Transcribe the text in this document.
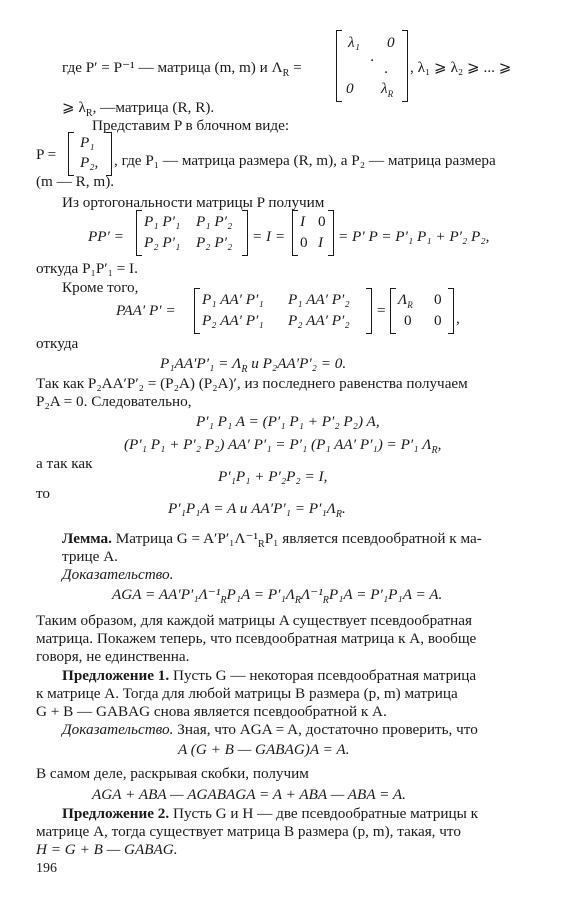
где P′ = P⁻¹ — матрица (m, m) и $\Lambda_R$ =
λ₁ 0
·
·
0 $\lambda_R$
, λ₁ ⩾ λ₂ ⩾ ... ⩾
⩾ $\lambda_R$, —матрица (R, R).
Представим P в блочном виде:
P =
P₁
P₂, , где P₁ — матрица размера (R, m), а P₂ — матрица размера
(m — R, m).
Из ортогональности матрицы P получим
PP′ =
P₁ P′₁ P₁ P′₂
P₂ P′₁ P₂ P′₂ = I =
I 0
0 I = P′ P = P′₁ P₁ + P′₂ P₂,
откуда P₁P′₁ = I.
Кроме того,
PAA′ P′ =
P₁ AA′ P′₁ P₁ AA′ P′₂
P₂ AA′ P′₁ P₂ AA′ P′₂
=
$\Lambda_R$ 0
0 0 ,
откуда
$P_1AA'P'_1 = \Lambda_R$ и P₂AA′P′₂ = 0.
Так как P₂AA′P′₂ = (P₂A) (P₂A)′, из последнего равенства получаем
P₂A = 0. Следовательно,
P′₁ P₁ A = (P′₁ P₁ + P′₂ P₂) A,
(P′₁ P₁ + P′₂ P₂) AA′ P′₁ = P′₁ (P₁ AA′ P′₁) = P′₁ $\Lambda_R$,
а так как
P′₁P₁ + P′₂P₂ = I,
то
P′₁P₁A = A и $AA'P'_1 = P'_1\Lambda_R$.
Лемма. Матрица $G = A'P'_1\Lambda^{-1}_RP_1$ является псевдообратной к ма-
трице A.
Доказательство.
AGA = $AA'P'_1\Lambda^{-1}_RP_1A = P'_1\Lambda_R\Lambda^{-1}_RP_1A = P'_1P_1A = A$.
Таким образом, для каждой матрицы A существует псевдообратная
матрица. Покажем теперь, что псевдообратная матрица к A, вообще
говоря, не единственна.
Предложение 1. Пусть G — некоторая псевдообратная матрица
к матрице A. Тогда для любой матрицы B размера (p, m) матрица
G + B — GABAG снова является псевдообратной к A.
Доказательство. Зная, что AGA = A, достаточно проверить, что
A (G + B — GABAG)A = A.
В самом деле, раскрывая скобки, получим
AGA + ABA — AGABAGA = A + ABA — ABA = A.
Предложение 2. Пусть G и H — две псевдообратные матрицы к
матрице A, тогда существует матрица B размера (p, m), такая, что
H = G + B — GABAG.
196
